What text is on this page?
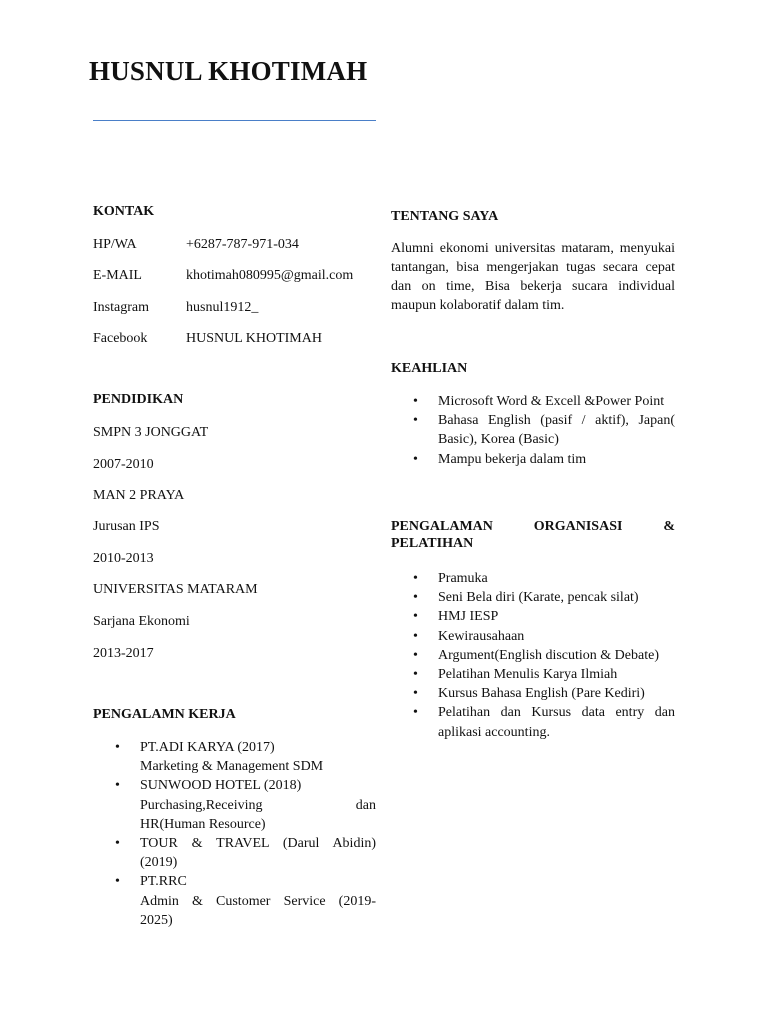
HUSNUL KHOTIMAH
KONTAK
HP/WA	+6287-787-971-034
E-MAIL	khotimah080995@gmail.com
Instagram	husnul1912_
Facebook	HUSNUL KHOTIMAH
PENDIDIKAN
SMPN 3 JONGGAT
2007-2010
MAN 2 PRAYA
Jurusan IPS
2010-2013
UNIVERSITAS MATARAM
Sarjana Ekonomi
2013-2017
PENGALAMN KERJA
• PT.ADI KARYA (2017)
Marketing & Management SDM
• SUNWOOD HOTEL (2018)
Purchasing,Receiving	dan
HR(Human Resource)
• TOUR & TRAVEL (Darul Abidin)
(2019)
• PT.RRC

Admin & Customer Service (2019-
2025)
TENTANG SAYA
Alumni ekonomi universitas mataram, menyukai tantangan, bisa mengerjakan tugas secara cepat dan on time, Bisa bekerja sucara individual maupun kolaboratif dalam tim.
KEAHLIAN
• Microsoft Word & Excell &Power Point
• Bahasa English (pasif / aktif), Japan( Basic), Korea (Basic)
• Mampu bekerja dalam tim
PENGALAMAN	ORGANISASI	&
PELATIHAN
• Pramuka
• Seni Bela diri (Karate, pencak silat)
• HMJ IESP
• Kewirausahaan
• Argument(English discution & Debate)
• Pelatihan Menulis Karya Ilmiah
• Kursus Bahasa English (Pare Kediri)
• Pelatihan dan Kursus data entry dan aplikasi accounting.
